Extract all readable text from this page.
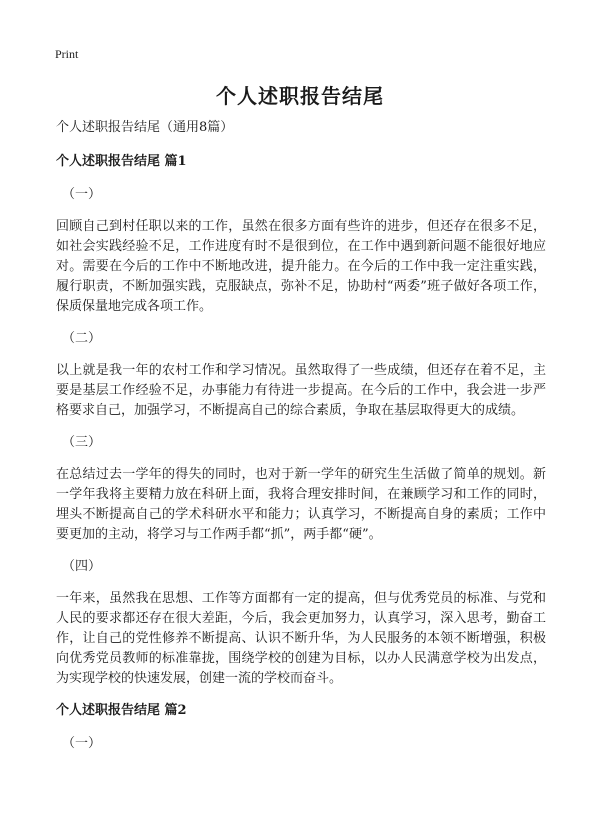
Print
个人述职报告结尾
个人述职报告结尾（通用8篇）
个人述职报告结尾 篇1
（一）
回顾自己到村任职以来的工作，虽然在很多方面有些许的进步，但还存在很多不足，如社会实践经验不足，工作进度有时不是很到位，在工作中遇到新问题不能很好地应对。需要在今后的工作中不断地改进，提升能力。在今后的工作中我一定注重实践，履行职责，不断加强实践，克服缺点，弥补不足，协助村“两委”班子做好各项工作，保质保量地完成各项工作。
（二）
以上就是我一年的农村工作和学习情况。虽然取得了一些成绩，但还存在着不足，主要是基层工作经验不足，办事能力有待进一步提高。在今后的工作中，我会进一步严格要求自己，加强学习，不断提高自己的综合素质，争取在基层取得更大的成绩。
（三）
在总结过去一学年的得失的同时，也对于新一学年的研究生生活做了简单的规划。新一学年我将主要精力放在科研上面，我将合理安排时间，在兼顾学习和工作的同时，埋头不断提高自己的学术科研水平和能力；认真学习，不断提高自身的素质；工作中要更加的主动，将学习与工作两手都“抓”，两手都“硬”。
（四）
一年来，虽然我在思想、工作等方面都有一定的提高，但与优秀党员的标准、与党和人民的要求都还存在很大差距，今后，我会更加努力，认真学习，深入思考，勤奋工作，让自己的党性修养不断提高、认识不断升华，为人民服务的本领不断增强，积极向优秀党员教师的标准靠拢，围绕学校的创建为目标，以办人民满意学校为出发点，为实现学校的快速发展，创建一流的学校而奋斗。
个人述职报告结尾 篇2
（一）
